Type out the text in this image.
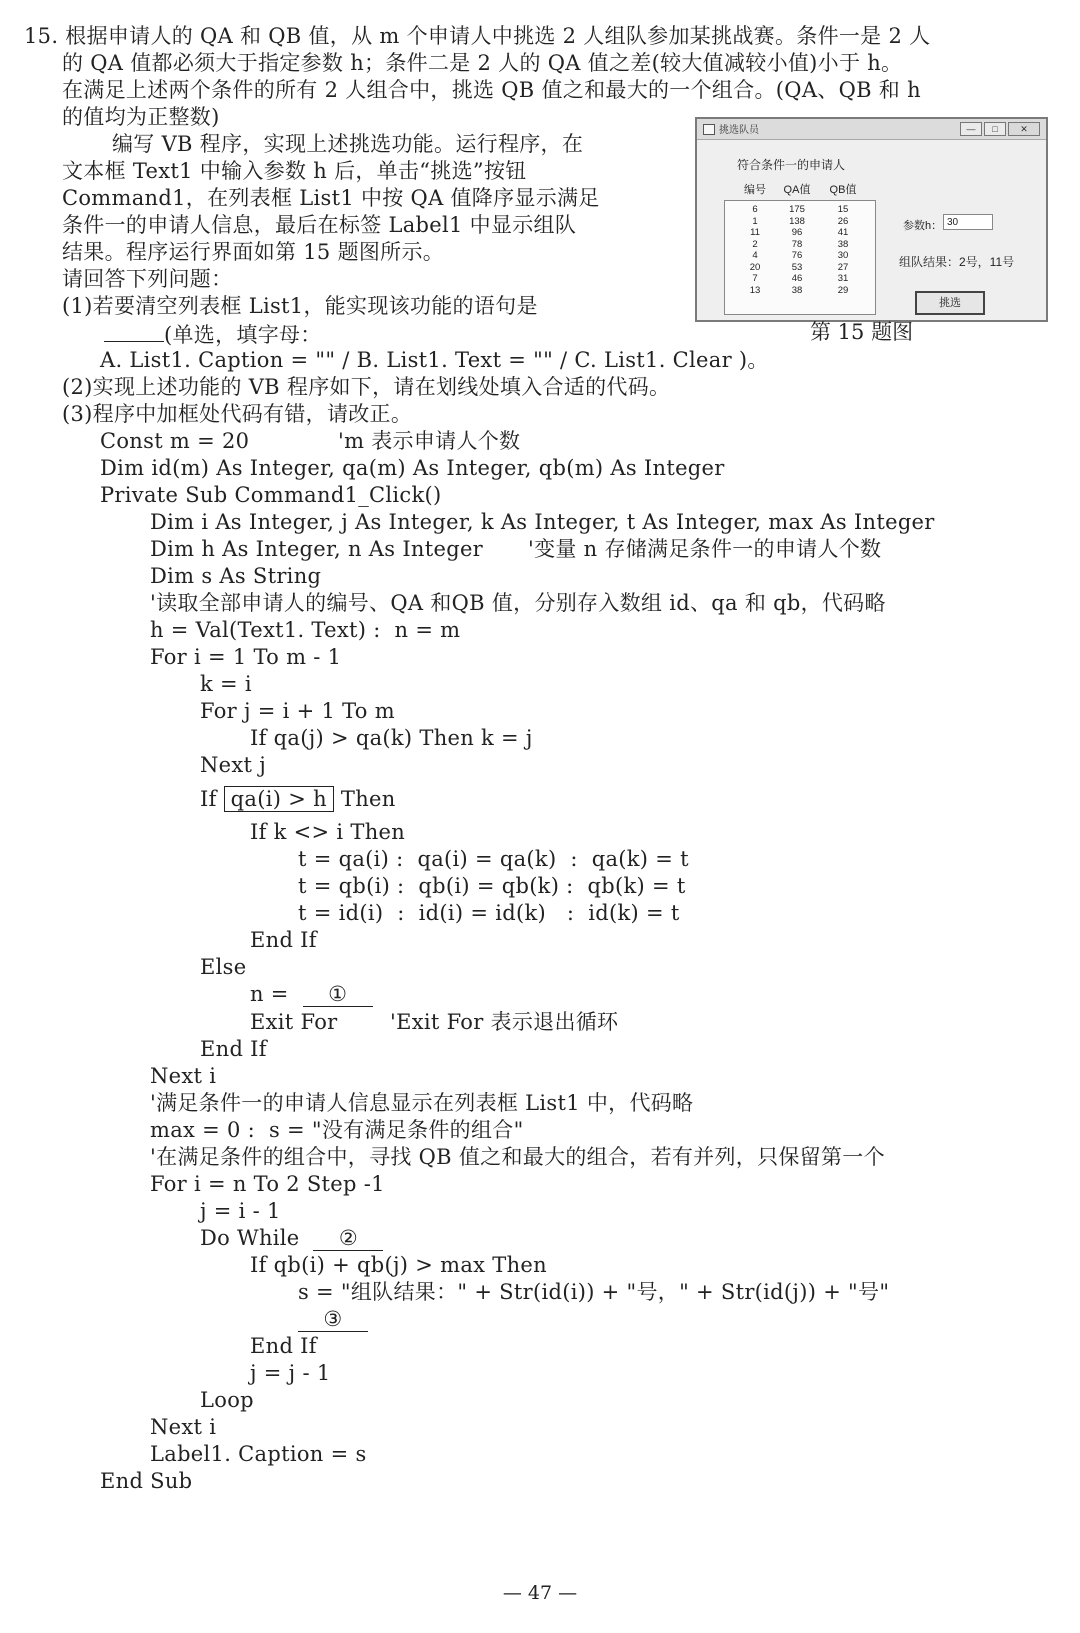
15. 根据申请人的 QA 和 QB 值，从 m 个申请人中挑选 2 人组队参加某挑战赛。条件一是 2 人
的 QA 值都必须大于指定参数 h；条件二是 2 人的 QA 值之差(较大值减较小值)小于 h。
在满足上述两个条件的所有 2 人组合中，挑选 QB 值之和最大的一个组合。(QA、QB 和 h
的值均为正整数)
编写 VB 程序，实现上述挑选功能。运行程序，在
文本框 Text1 中输入参数 h 后，单击“挑选”按钮
Command1，在列表框 List1 中按 QA 值降序显示满足
条件一的申请人信息，最后在标签 Label1 中显示组队
结果。程序运行界面如第 15 题图所示。
请回答下列问题：
(1)若要清空列表框 List1，能实现该功能的语句是
(单选，填字母：
A. List1. Caption = "" / B. List1. Text = "" / C. List1. Clear )。
(2)实现上述功能的 VB 程序如下，请在划线处填入合适的代码。
(3)程序中加框处代码有错，请改正。
挑选队员	—	□	✕
符合条件一的申请人
编号 QA值 QB值
6	175	15
1	138	26
11	96	41
2	78	38
4	76	30
20	53	27
7	46	31
13	38	29
参数h： 30
组队结果：2号，11号
挑选
第 15 题图
Const m = 20	'm 表示申请人个数
Dim id(m) As Integer, qa(m) As Integer, qb(m) As Integer
Private Sub Command1_Click()
Dim i As Integer, j As Integer, k As Integer, t As Integer, max As Integer
Dim h As Integer, n As Integer '变量 n 存储满足条件一的申请人个数
Dim s As String
'读取全部申请人的编号、QA 和QB 值，分别存入数组 id、qa 和 qb，代码略
h = Val(Text1. Text) :  n = m
For i = 1 To m - 1
k = i
For j = i + 1 To m
If qa(j) > qa(k) Then k = j
Next j
If qa(i) > h Then
If k <> i Then
t = qa(i) :  qa(i) = qa(k)  :  qa(k) = t
t = qb(i) :  qb(i) = qb(k) :  qb(k) = t
t = id(i)  :  id(i) = id(k)   :  id(k) = t
End If
Else
n = ①
Exit For 'Exit For 表示退出循环
End If
Next i
'满足条件一的申请人信息显示在列表框 List1 中，代码略
max = 0 :  s = "没有满足条件的组合"
'在满足条件的组合中，寻找 QB 值之和最大的组合，若有并列，只保留第一个
For i = n To 2 Step -1
j = i - 1
Do While ②
If qb(i) + qb(j) > max Then
s = "组队结果：" + Str(id(i)) + "号，" + Str(id(j)) + "号"
③
End If
j = j - 1
Loop
Next i
Label1. Caption = s
End Sub
— 47 —
